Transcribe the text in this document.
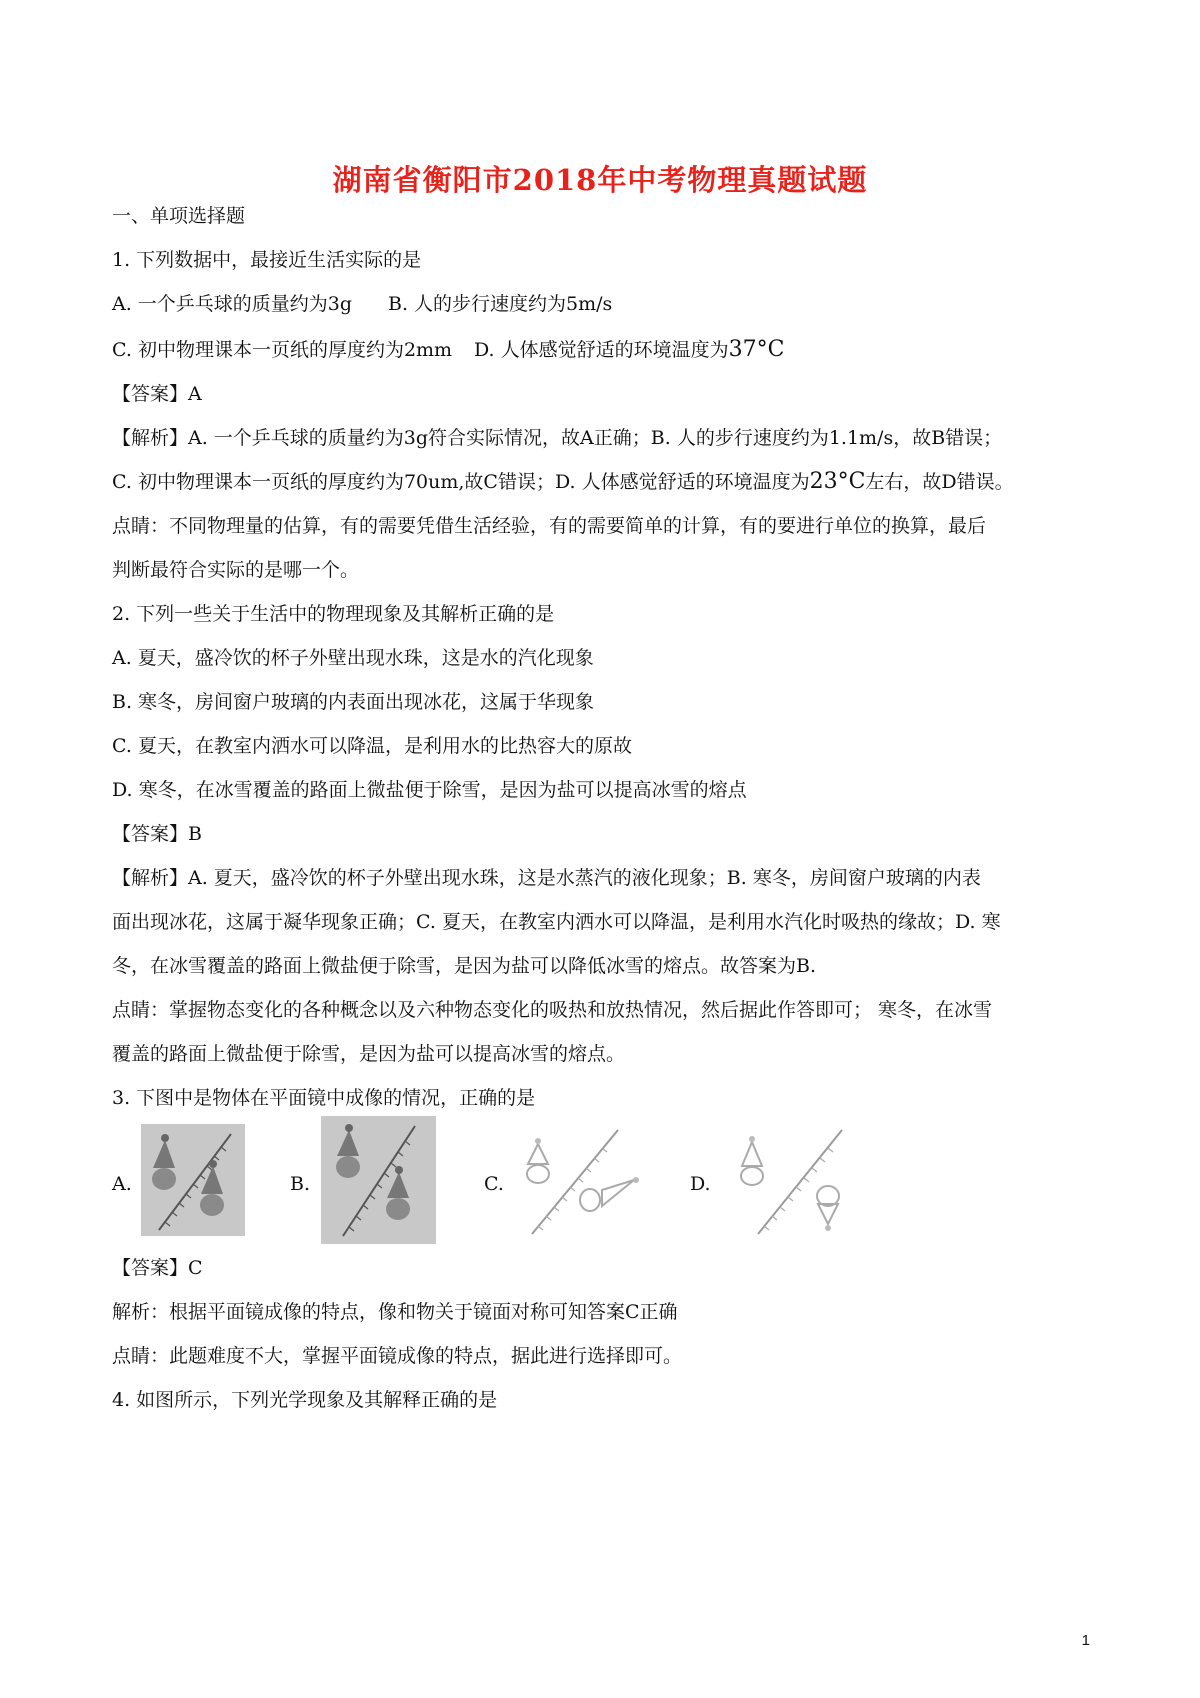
湖南省衡阳市2018年中考物理真题试题
一、单项选择题
1. 下列数据中，最接近生活实际的是
A. 一个乒乓球的质量约为3g B. 人的步行速度约为5m/s
C. 初中物理课本一页纸的厚度约为2mm D. 人体感觉舒适的环境温度为37°C
【答案】A
【解析】A. 一个乒乓球的质量约为3g符合实际情况，故A正确；B. 人的步行速度约为1.1m/s，故B错误；
C. 初中物理课本一页纸的厚度约为70um,故C错误；D. 人体感觉舒适的环境温度为23°C左右，故D错误。
点睛：不同物理量的估算，有的需要凭借生活经验，有的需要简单的计算，有的要进行单位的换算，最后
判断最符合实际的是哪一个。
2. 下列一些关于生活中的物理现象及其解析正确的是
A. 夏天，盛冷饮的杯子外壁出现水珠，这是水的汽化现象
B. 寒冬，房间窗户玻璃的内表面出现冰花，这属于华现象
C. 夏天，在教室内洒水可以降温，是利用水的比热容大的原故
D. 寒冬，在冰雪覆盖的路面上微盐便于除雪，是因为盐可以提高冰雪的熔点
【答案】B
【解析】A. 夏天，盛冷饮的杯子外壁出现水珠，这是水蒸汽的液化现象；B. 寒冬，房间窗户玻璃的内表
面出现冰花，这属于凝华现象正确；C. 夏天，在教室内洒水可以降温，是利用水汽化时吸热的缘故；D. 寒
冬，在冰雪覆盖的路面上微盐便于除雪，是因为盐可以降低冰雪的熔点。故答案为B.
点睛：掌握物态变化的各种概念以及六种物态变化的吸热和放热情况，然后据此作答即可； 寒冬，在冰雪
覆盖的路面上微盐便于除雪，是因为盐可以提高冰雪的熔点。
3. 下图中是物体在平面镜中成像的情况，正确的是
A.	B.	C.	D.
【答案】C
解析：根据平面镜成像的特点，像和物关于镜面对称可知答案C正确
点睛：此题难度不大，掌握平面镜成像的特点，据此进行选择即可。
4. 如图所示，下列光学现象及其解释正确的是
1
